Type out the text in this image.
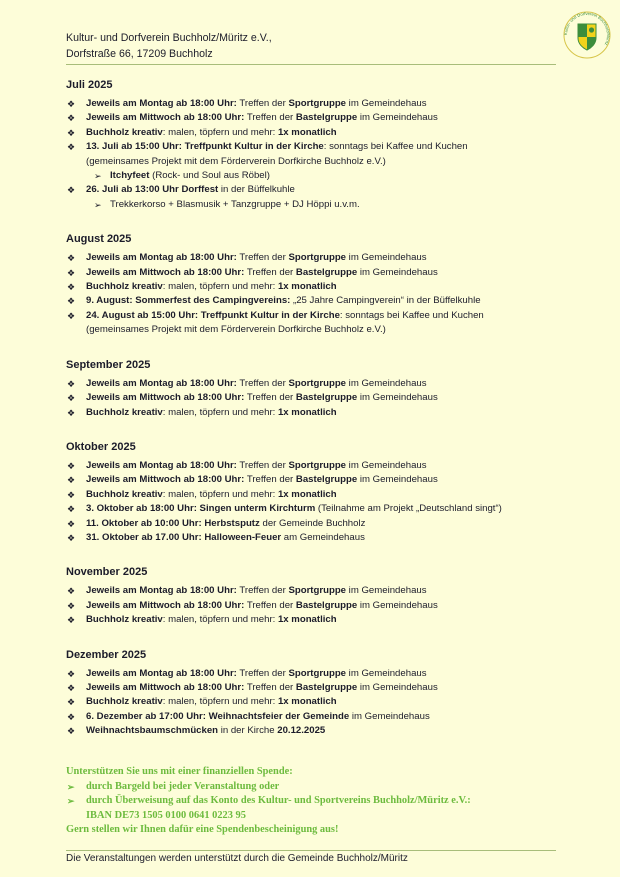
Kultur- und Dorfverein Buchholz/Müritz e.V.,
Dorfstraße 66, 17209 Buchholz
Kultur- und Dorfverein Buchholz/Müritz
Juli 2025
❖ Jeweils am Montag ab 18:00 Uhr: Treffen der Sportgruppe im Gemeindehaus
❖ Jeweils am Mittwoch ab 18:00 Uhr: Treffen der Bastelgruppe im Gemeindehaus
❖ Buchholz kreativ: malen, töpfern und mehr: 1x monatlich
❖ 13. Juli ab 15:00 Uhr: Treffpunkt Kultur in der Kirche: sonntags bei Kaffee und Kuchen
(gemeinsames Projekt mit dem Förderverein Dorfkirche Buchholz e.V.)
➢ Itchyfeet (Rock- und Soul aus Röbel)
❖ 26. Juli ab 13:00 Uhr Dorffest in der Büffelkuhle
➢ Trekkerkorso + Blasmusik + Tanzgruppe + DJ Höppi u.v.m.
August 2025
❖ Jeweils am Montag ab 18:00 Uhr: Treffen der Sportgruppe im Gemeindehaus
❖ Jeweils am Mittwoch ab 18:00 Uhr: Treffen der Bastelgruppe im Gemeindehaus
❖ Buchholz kreativ: malen, töpfern und mehr: 1x monatlich
❖ 9. August: Sommerfest des Campingvereins: „25 Jahre Campingverein“ in der Büffelkuhle
❖ 24. August ab 15:00 Uhr: Treffpunkt Kultur in der Kirche: sonntags bei Kaffee und Kuchen
(gemeinsames Projekt mit dem Förderverein Dorfkirche Buchholz e.V.)
September 2025
❖ Jeweils am Montag ab 18:00 Uhr: Treffen der Sportgruppe im Gemeindehaus
❖ Jeweils am Mittwoch ab 18:00 Uhr: Treffen der Bastelgruppe im Gemeindehaus
❖ Buchholz kreativ: malen, töpfern und mehr: 1x monatlich
Oktober 2025
❖ Jeweils am Montag ab 18:00 Uhr: Treffen der Sportgruppe im Gemeindehaus
❖ Jeweils am Mittwoch ab 18:00 Uhr: Treffen der Bastelgruppe im Gemeindehaus
❖ Buchholz kreativ: malen, töpfern und mehr: 1x monatlich
❖ 3. Oktober ab 18:00 Uhr: Singen unterm Kirchturm (Teilnahme am Projekt „Deutschland singt“)
❖ 11. Oktober ab 10:00 Uhr: Herbstsputz der Gemeinde Buchholz
❖ 31. Oktober ab 17.00 Uhr: Halloween-Feuer am Gemeindehaus
November 2025
❖ Jeweils am Montag ab 18:00 Uhr: Treffen der Sportgruppe im Gemeindehaus
❖ Jeweils am Mittwoch ab 18:00 Uhr: Treffen der Bastelgruppe im Gemeindehaus
❖ Buchholz kreativ: malen, töpfern und mehr: 1x monatlich
Dezember 2025
❖ Jeweils am Montag ab 18:00 Uhr: Treffen der Sportgruppe im Gemeindehaus
❖ Jeweils am Mittwoch ab 18:00 Uhr: Treffen der Bastelgruppe im Gemeindehaus
❖ Buchholz kreativ: malen, töpfern und mehr: 1x monatlich
❖ 6. Dezember ab 17:00 Uhr: Weihnachtsfeier der Gemeinde im Gemeindehaus
❖ Weihnachtsbaumschmücken in der Kirche 20.12.2025
Unterstützen Sie uns mit einer finanziellen Spende:
➢ durch Bargeld bei jeder Veranstaltung oder
➢ durch Überweisung auf das Konto des Kultur- und Sportvereins Buchholz/Müritz e.V.:
IBAN DE73 1505 0100 0641 0223 95
Gern stellen wir Ihnen dafür eine Spendenbescheinigung aus!
Die Veranstaltungen werden unterstützt durch die Gemeinde Buchholz/Müritz
